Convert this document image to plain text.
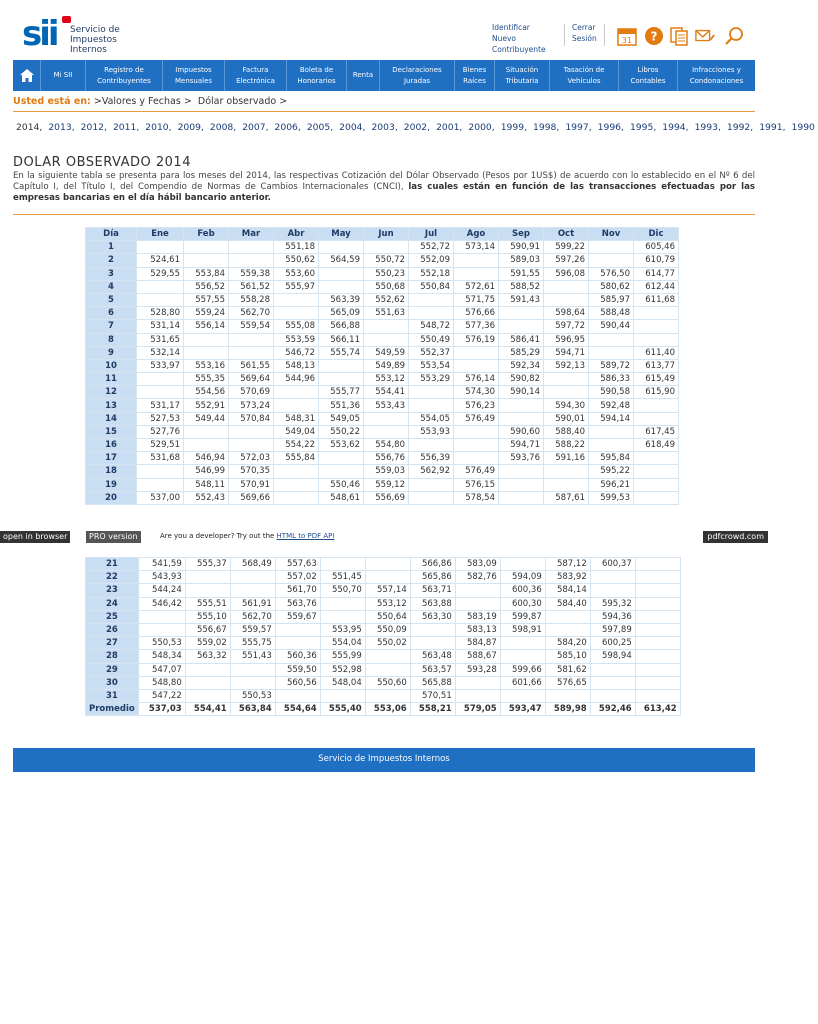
sii Servicio de
Impuestos
Internos
Identificar Nuevo
Contribuyente
Cerrar
Sesión	31 ?
Mi SII
Registro de
Contribuyentes
Impuestos
Mensuales
Factura
Electrónica
Boleta de
Honorarios
Renta
Declaraciones
Juradas
Bienes
Raíces
Situación
Tributaria
Tasación de
Vehículos
Libros
Contables
Infracciones y
Condonaciones
Usted está en: >Valores y Fechas > Dólar observado >
2014, 2013, 2012, 2011, 2010, 2009, 2008, 2007, 2006, 2005, 2004, 2003, 2002, 2001, 2000, 1999, 1998, 1997, 1996, 1995, 1994, 1993, 1992, 1991, 1990
DOLAR OBSERVADO 2014
En la siguiente tabla se presenta para los meses del 2014, las respectivas Cotización del Dólar Observado (Pesos por 1US$) de acuerdo con lo establecido en el Nº 6 del Capítulo I, del Título I, del Compendio de Normas de Cambios Internacionales (CNCI), las cuales están en función de las transacciones efectuadas por las empresas bancarias en el día hábil bancario anterior.
Día	Ene	Feb	Mar	Abr	May	Jun	Jul	Ago	Sep	Oct	Nov	Dic
1				551,18			552,72	573,14	590,91	599,22		605,46
2	524,61			550,62	564,59	550,72	552,09		589,03	597,26		610,79
3	529,55	553,84	559,38	553,60		550,23	552,18		591,55	596,08	576,50	614,77
4		556,52	561,52	555,97		550,68	550,84	572,61	588,52		580,62	612,44
5		557,55	558,28		563,39	552,62		571,75	591,43		585,97	611,68
6	528,80	559,24	562,70		565,09	551,63		576,66		598,64	588,48	
7	531,14	556,14	559,54	555,08	566,88		548,72	577,36		597,72	590,44	
8	531,65			553,59	566,11		550,49	576,19	586,41	596,95		
9	532,14			546,72	555,74	549,59	552,37		585,29	594,71		611,40
10	533,97	553,16	561,55	548,13		549,89	553,54		592,34	592,13	589,72	613,77
11		555,35	569,64	544,96		553,12	553,29	576,14	590,82		586,33	615,49
12		554,56	570,69		555,77	554,41		574,30	590,14		590,58	615,90
13	531,17	552,91	573,24		551,36	553,43		576,23		594,30	592,48	
14	527,53	549,44	570,84	548,31	549,05		554,05	576,49		590,01	594,14	
15	527,76			549,04	550,22		553,93		590,60	588,40		617,45
16	529,51			554,22	553,62	554,80			594,71	588,22		618,49
17	531,68	546,94	572,03	555,84		556,76	556,39		593,76	591,16	595,84	
18		546,99	570,35			559,03	562,92	576,49			595,22	
19		548,11	570,91		550,46	559,12		576,15			596,21	
20	537,00	552,43	569,66		548,61	556,69		578,54		587,61	599,53	
open in browser	PRO version	Are you a developer? Try out the HTML to PDF API	pdfcrowd.com
21	541,59	555,37	568,49	557,63			566,86	583,09		587,12	600,37	
22	543,93			557,02	551,45		565,86	582,76	594,09	583,92		
23	544,24			561,70	550,70	557,14	563,71		600,36	584,14		
24	546,42	555,51	561,91	563,76		553,12	563,88		600,30	584,40	595,32	
25		555,10	562,70	559,67		550,64	563,30	583,19	599,87		594,36	
26		556,67	559,57		553,95	550,09		583,13	598,91		597,89	
27	550,53	559,02	555,75		554,04	550,02		584,87		584,20	600,25	
28	548,34	563,32	551,43	560,36	555,99		563,48	588,67		585,10	598,94	
29	547,07			559,50	552,98		563,57	593,28	599,66	581,62		
30	548,80			560,56	548,04	550,60	565,88		601,66	576,65		
31	547,22		550,53				570,51					
Promedio	537,03	554,41	563,84	554,64	555,40	553,06	558,21	579,05	593,47	589,98	592,46	613,42
Servicio de Impuestos Internos
